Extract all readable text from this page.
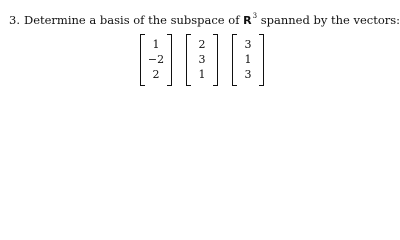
3. Determine a basis of the subspace of $R^3$ spanned by the vectors:
1
−2
2
2
3
1
3
1
3
